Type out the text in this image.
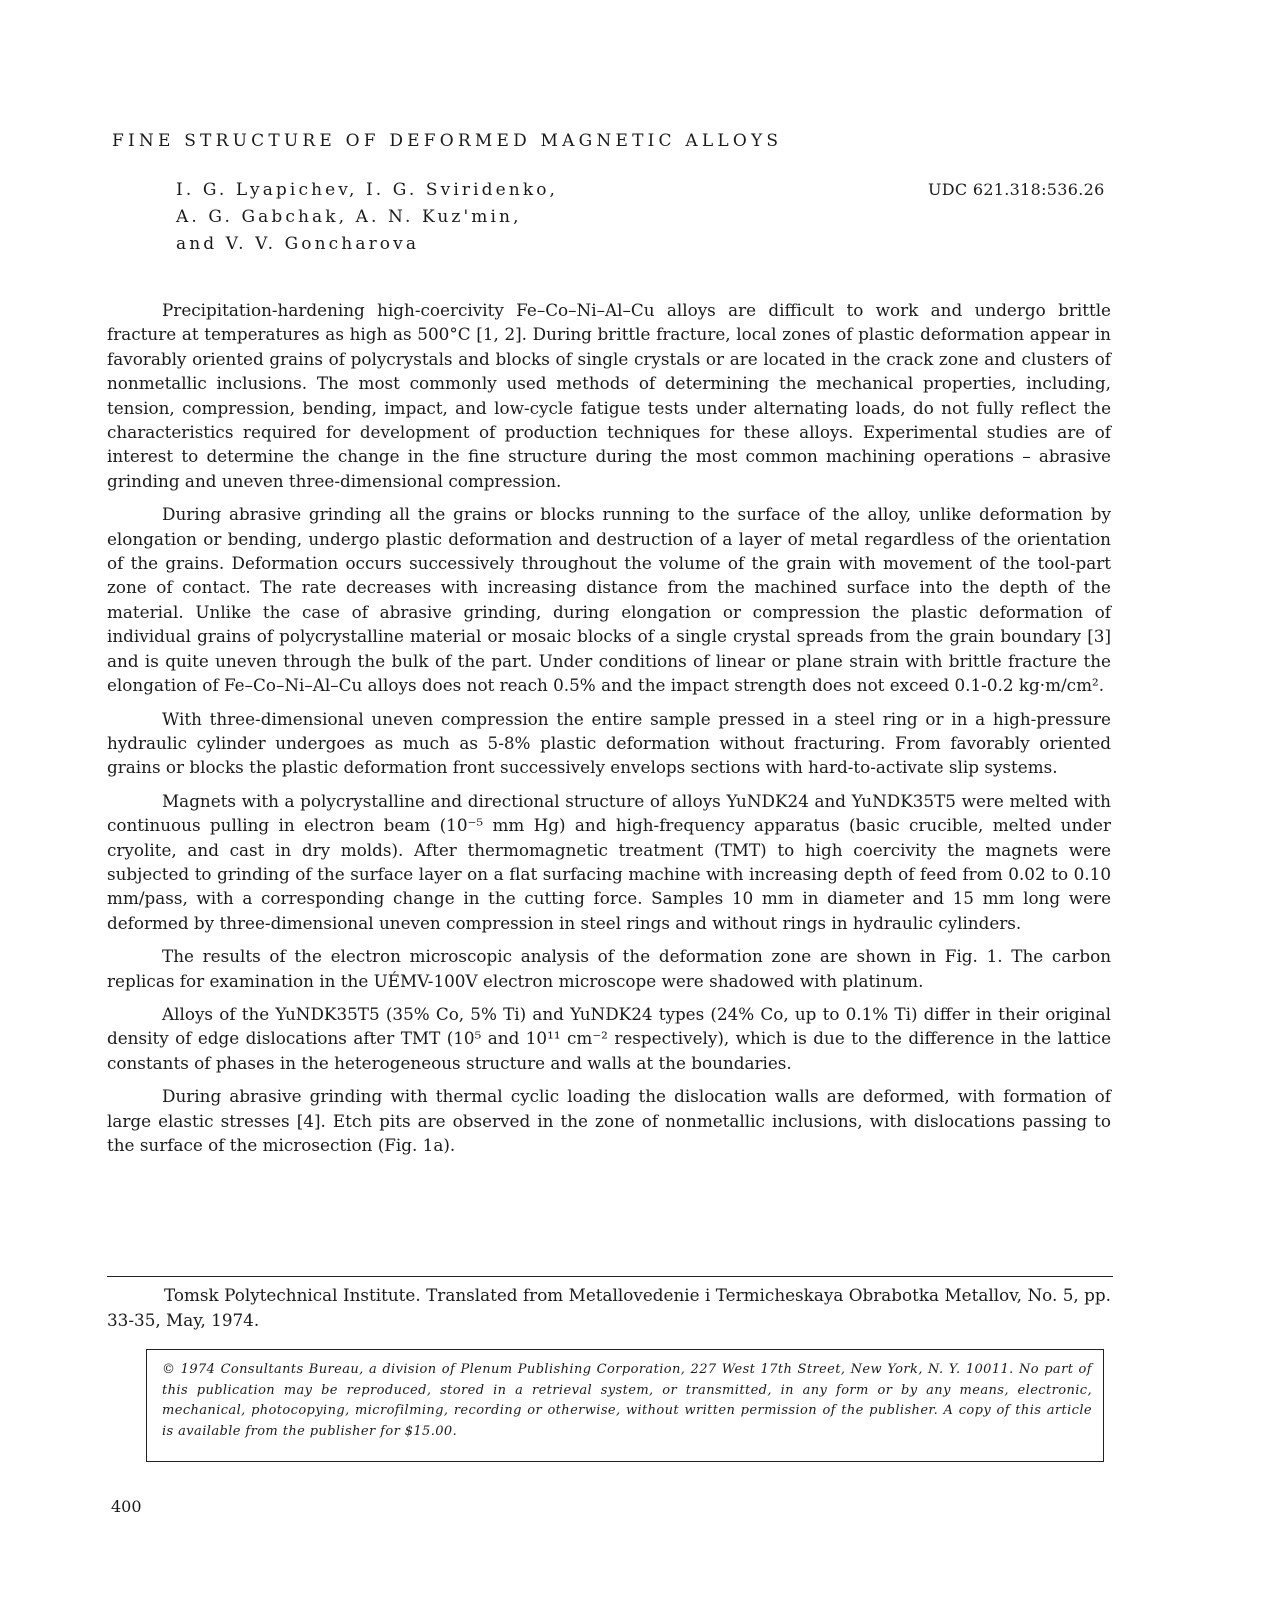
FINE STRUCTURE OF DEFORMED MAGNETIC ALLOYS
I. G. Lyapichev, I. G. Sviridenko,
A. G. Gabchak, A. N. Kuz'min,
and V. V. Goncharova
UDC 621.318:536.26

Precipitation-hardening high-coercivity Fe–Co–Ni–Al–Cu alloys are difficult to work and undergo brittle fracture at temperatures as high as 500°C [1, 2]. During brittle fracture, local zones of plastic deformation appear in favorably oriented grains of polycrystals and blocks of single crystals or are located in the crack zone and clusters of nonmetallic inclusions. The most commonly used methods of determining the mechanical properties, including, tension, compression, bending, impact, and low-cycle fatigue tests under alternating loads, do not fully reflect the characteristics required for development of production techniques for these alloys. Experimental studies are of interest to determine the change in the fine structure during the most common machining operations – abrasive grinding and uneven three-dimensional compression.

During abrasive grinding all the grains or blocks running to the surface of the alloy, unlike deformation by elongation or bending, undergo plastic deformation and destruction of a layer of metal regardless of the orientation of the grains. Deformation occurs successively throughout the volume of the grain with movement of the tool-part zone of contact. The rate decreases with increasing distance from the machined surface into the depth of the material. Unlike the case of abrasive grinding, during elongation or compression the plastic deformation of individual grains of polycrystalline material or mosaic blocks of a single crystal spreads from the grain boundary [3] and is quite uneven through the bulk of the part. Under conditions of linear or plane strain with brittle fracture the elongation of Fe–Co–Ni–Al–Cu alloys does not reach 0.5% and the impact strength does not exceed 0.1-0.2 kg·m/cm².

With three-dimensional uneven compression the entire sample pressed in a steel ring or in a high-pressure hydraulic cylinder undergoes as much as 5-8% plastic deformation without fracturing. From favorably oriented grains or blocks the plastic deformation front successively envelops sections with hard-to-activate slip systems.

Magnets with a polycrystalline and directional structure of alloys YuNDK24 and YuNDK35T5 were melted with continuous pulling in electron beam (10⁻⁵ mm Hg) and high-frequency apparatus (basic crucible, melted under cryolite, and cast in dry molds). After thermomagnetic treatment (TMT) to high coercivity the magnets were subjected to grinding of the surface layer on a flat surfacing machine with increasing depth of feed from 0.02 to 0.10 mm/pass, with a corresponding change in the cutting force. Samples 10 mm in diameter and 15 mm long were deformed by three-dimensional uneven compression in steel rings and without rings in hydraulic cylinders.

The results of the electron microscopic analysis of the deformation zone are shown in Fig. 1. The carbon replicas for examination in the UÉMV-100V electron microscope were shadowed with platinum.

Alloys of the YuNDK35T5 (35% Co, 5% Ti) and YuNDK24 types (24% Co, up to 0.1% Ti) differ in their original density of edge dislocations after TMT (10⁵ and 10¹¹ cm⁻² respectively), which is due to the difference in the lattice constants of phases in the heterogeneous structure and walls at the boundaries.

During abrasive grinding with thermal cyclic loading the dislocation walls are deformed, with formation of large elastic stresses [4]. Etch pits are observed in the zone of nonmetallic inclusions, with dislocations passing to the surface of the microsection (Fig. 1a).

Tomsk Polytechnical Institute. Translated from Metallovedenie i Termicheskaya Obrabotka Metallov, No. 5, pp. 33-35, May, 1974.
© 1974 Consultants Bureau, a division of Plenum Publishing Corporation, 227 West 17th Street, New York, N. Y. 10011. No part of this publication may be reproduced, stored in a retrieval system, or transmitted, in any form or by any means, electronic, mechanical, photocopying, microfilming, recording or otherwise, without written permission of the publisher. A copy of this article is available from the publisher for $15.00.
400
